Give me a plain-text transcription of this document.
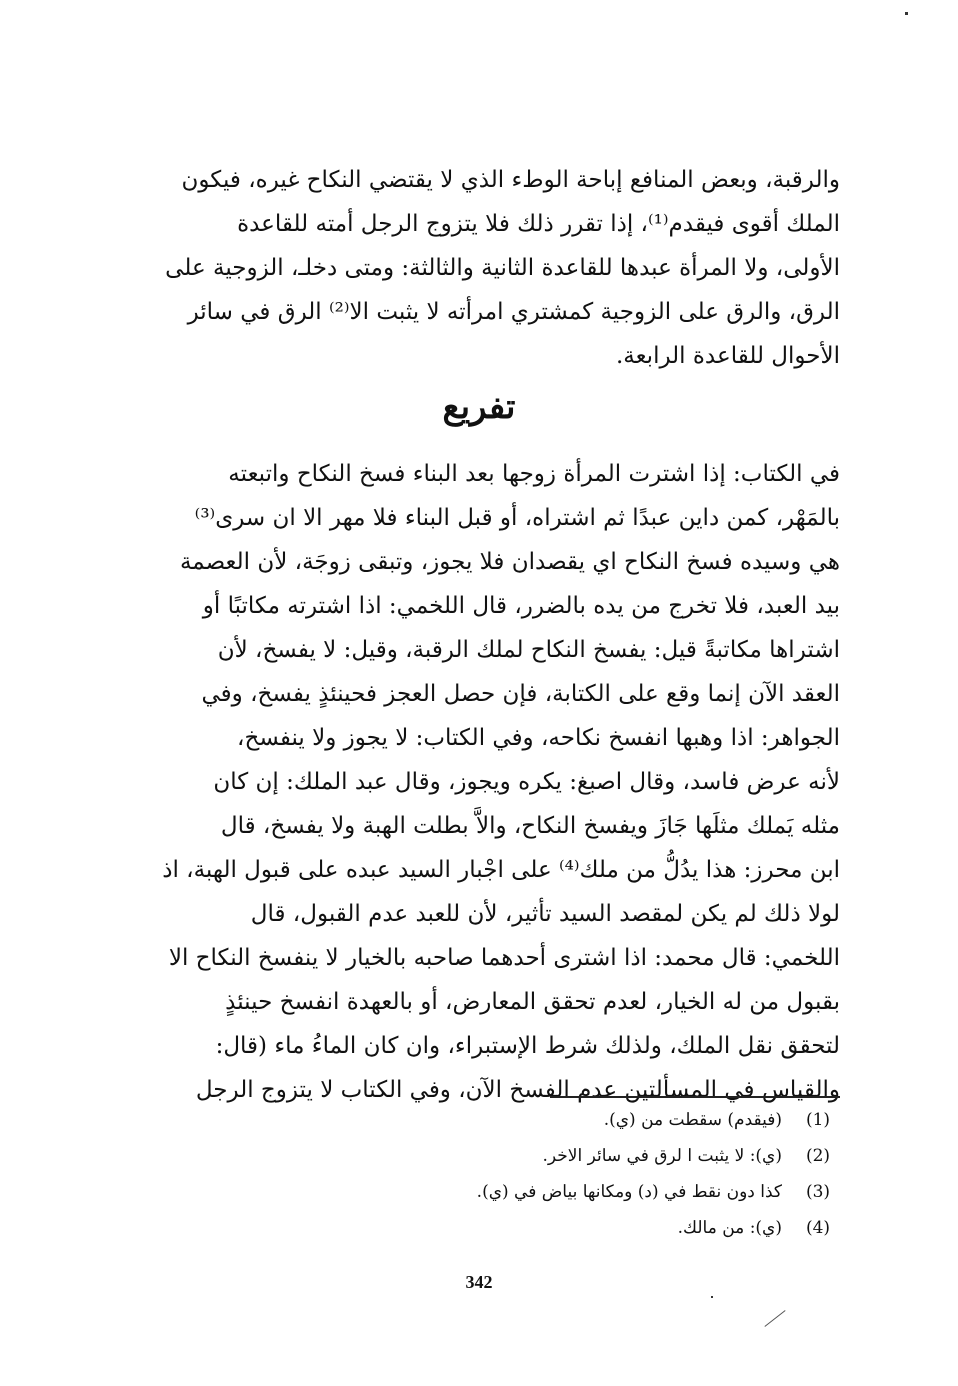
والرقبة، وبعض المنافع إباحة الوطء الذي لا يقتضي النكاح غيره، فيكون
الملك أقوى فيقدم⁽¹⁾، إذا تقرر ذلك فلا يتزوج الرجل أمته للقاعدة
الأولى، ولا المرأة عبدها للقاعدة الثانية والثالثة: ومتى دخلـ، الزوجية على
الرق، والرق على الزوجية كمشتري امرأته لا يثبت الا⁽²⁾ الرق في سائر
الأحوال للقاعدة الرابعة.
تفريع
في الكتاب: إذا اشترت المرأة زوجها بعد البناء فسخ النكاح واتبعته
بالمَهْر، كمن داين عبدًا ثم اشتراه، أو قبل البناء فلا مهر الا ان سرى⁽³⁾
هي وسيده فسخ النكاح اي يقصدان فلا يجوز، وتبقى زوجَة، لأن العصمة
بيد العبد، فلا تخرج من يده بالضرر، قال اللخمي: اذا اشترته مكاتبًا أو
اشتراها مكاتبةً قيل: يفسخ النكاح لملك الرقبة، وقيل: لا يفسخ، لأن
العقد الآن إنما وقع على الكتابة، فإن حصل العجز فحينئذٍ يفسخ، وفي
الجواهر: اذا وهبها انفسخ نكاحه، وفي الكتاب: لا يجوز ولا ينفسخ،
لأنه عرض فاسد، وقال اصبغ: يكره ويجوز، وقال عبد الملك: إن كان
مثله يَملك مثلَها جَازَ ويفسخ النكاح، والاَّ بطلت الهبة ولا يفسخ، قال
ابن محرز: هذا يدُلُّ من ملك⁽⁴⁾ على اجْبار السيد عبده على قبول الهبة، اذ
لولا ذلك لم يكن لمقصد السيد تأثير، لأن للعبد عدم القبول، قال
اللخمي: قال محمد: اذا اشترى أحدهما صاحبه بالخيار لا ينفسخ النكاح الا
بقبول من له الخيار، لعدم تحقق المعارض، أو بالعهدة انفسخ حينئذٍ
لتحقق نقل الملك، ولذلك شرط الإستبراء، وان كان الماءُ ماء (قال:
والقياس في المسألتين عدم الفسخ الآن، وفي الكتاب لا يتزوج الرجل
(1)
(فيقدم) سقطت من (ي).
(2)
(ي): لا يثبت ا لرق في سائر الاخر.
(3)
كذا دون نقط في (د) ومكانها بياض في (ي).
(4)
(ي): من مالك.
342
